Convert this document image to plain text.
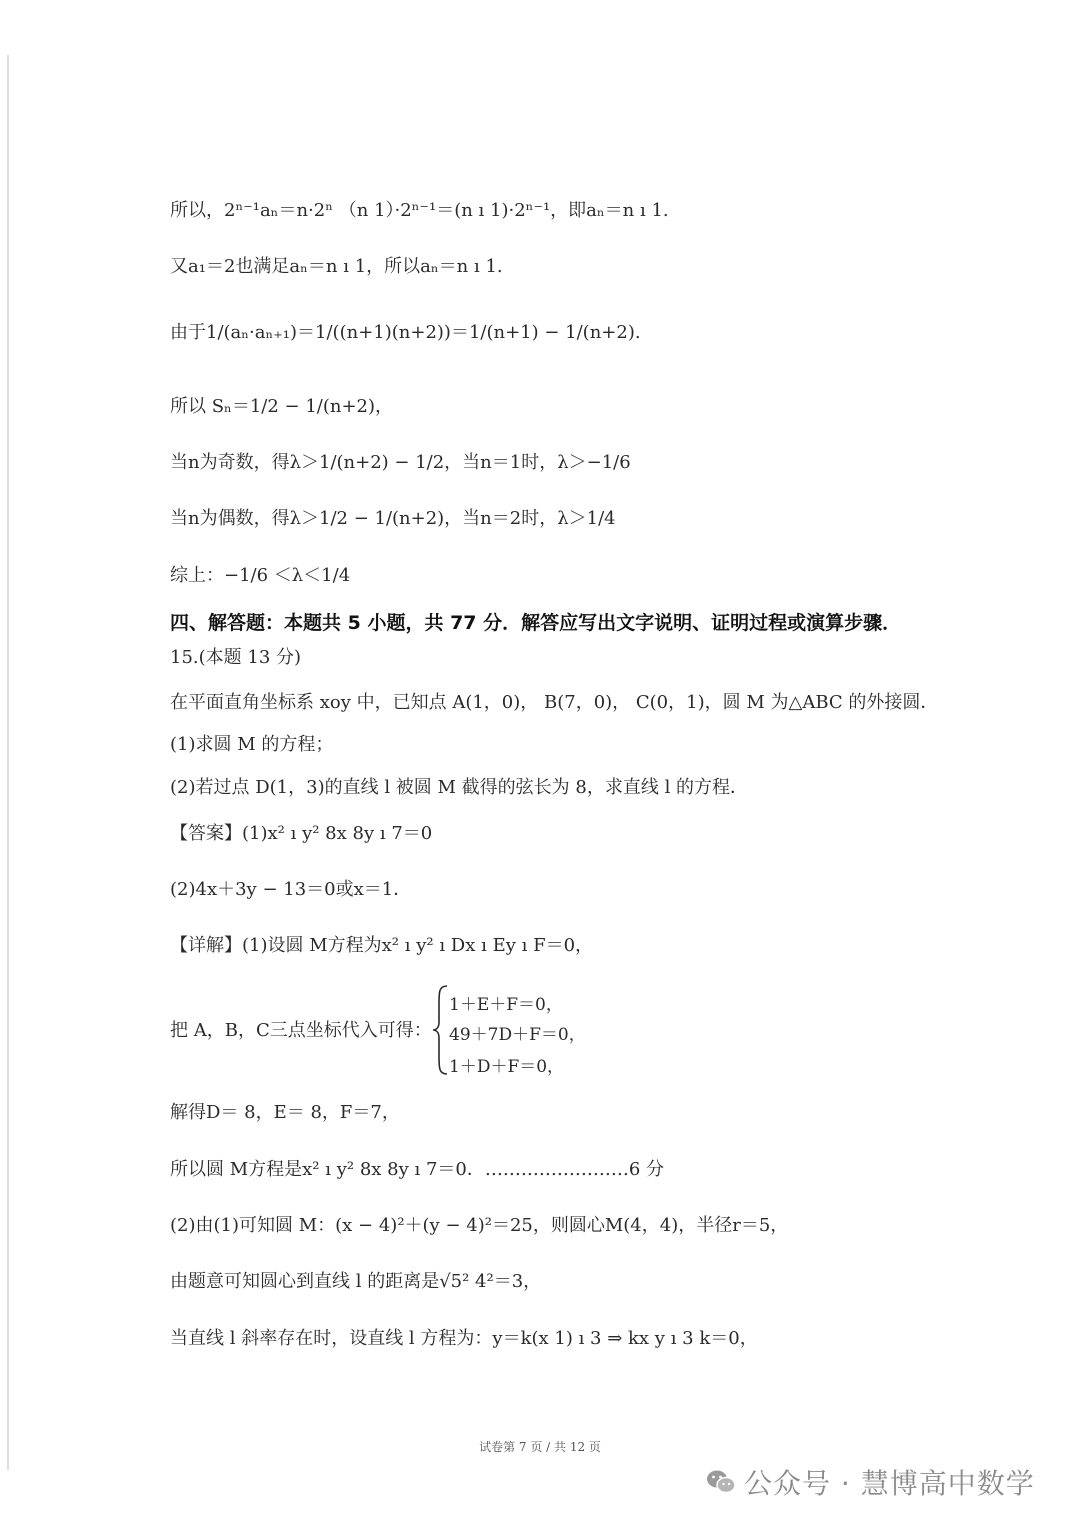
所以，2ⁿ⁻¹aₙ＝n·2ⁿ （n 1）·2ⁿ⁻¹＝(n ı 1)·2ⁿ⁻¹，即aₙ＝n ı 1.
又a₁＝2也满足aₙ＝n ı 1，所以aₙ＝n ı 1.
由于1/(aₙ·aₙ₊₁)＝1/((n+1)(n+2))＝1/(n+1) − 1/(n+2).
所以 Sₙ＝1/2 − 1/(n+2)，
当n为奇数，得λ＞1/(n+2) − 1/2，当n＝1时，λ＞−1/6
当n为偶数，得λ＞1/2 − 1/(n+2)，当n＝2时，λ＞1/4
综上：−1/6 ＜λ＜1/4
四、解答题：本题共 5 小题，共 77 分．解答应写出文字说明、证明过程或演算步骤．
15.(本题 13 分)
在平面直角坐标系 xoy 中，已知点 A(1，0)， B(7，0)， C(0，1)，圆 M 为△ABC 的外接圆．
(1)求圆 M 的方程；
(2)若过点 D(1，3)的直线 l 被圆 M 截得的弦长为 8，求直线 l 的方程．
【答案】(1)x² ı y² 8x 8y ı 7＝0
(2)4x＋3y − 13＝0或x＝1．
【详解】(1)设圆 M方程为x² ı y² ı Dx ı Ey ı F＝0，
把 A，B，C三点坐标代入可得：
1＋E＋F＝0，
49＋7D＋F＝0，
1＋D＋F＝0，
解得D＝ 8，E＝ 8，F＝7，
所以圆 M方程是x² ı y² 8x 8y ı 7＝0．……………………6 分
(2)由(1)可知圆 M：(x − 4)²＋(y − 4)²＝25，则圆心M(4，4)，半径r＝5，
由题意可知圆心到直线 l 的距离是√5² 4²＝3，
当直线 l 斜率存在时，设直线 l 方程为：y＝k(x 1) ı 3 ⇒ kx y ı 3 k＝0，
试卷第 7 页 / 共 12 页
公众号 · 慧博高中数学
